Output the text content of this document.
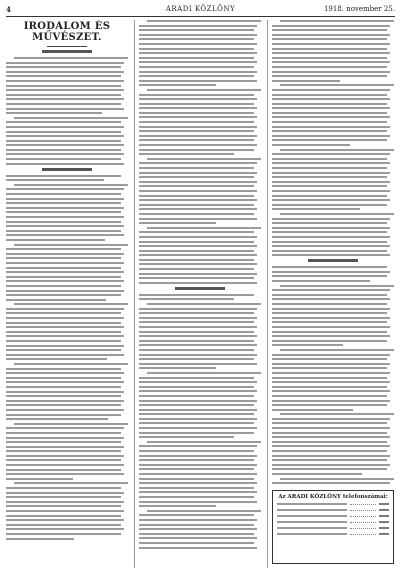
4	ARADI KÖZLÖNY	1918. november 25.
IRODALOM ÉS MŰVÉSZET.
Az ARADI KÖZLÖNY telefonszámai:
